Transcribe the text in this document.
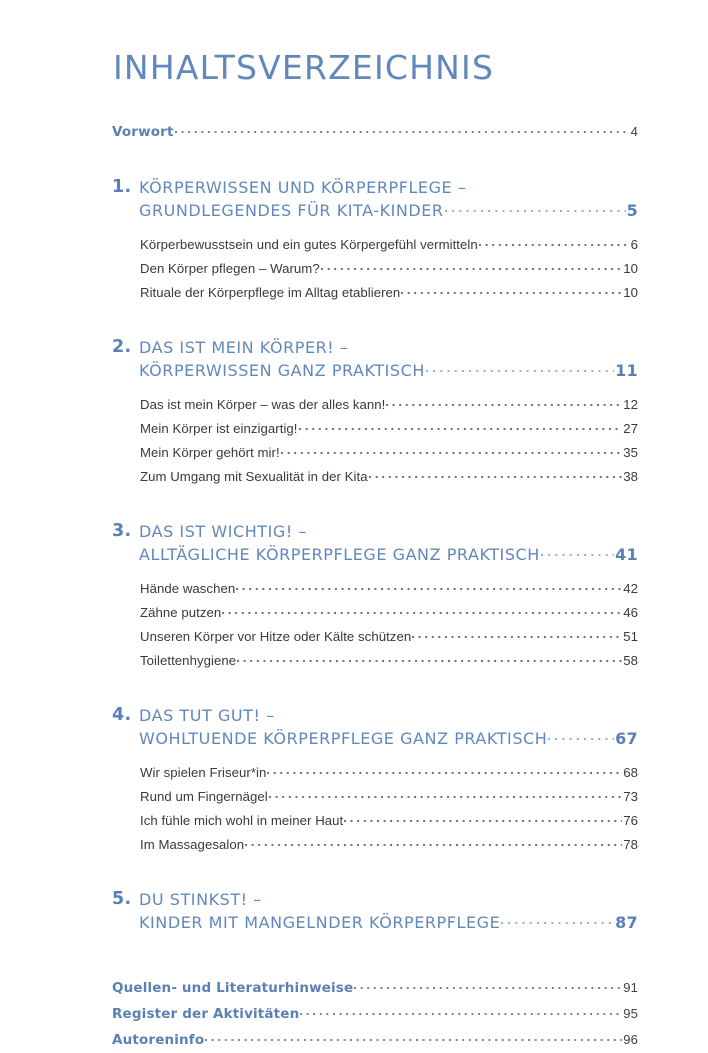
INHALTSVERZEICHNIS
Vorwort	4
1. KÖRPERWISSEN UND KÖRPERPFLEGE –
GRUNDLEGENDES FÜR KITA-KINDER	5
Körperbewusstsein und ein gutes Körpergefühl vermitteln	6
Den Körper pflegen – Warum?	10
Rituale der Körperpflege im Alltag etablieren	10
2. DAS IST MEIN KÖRPER! –
KÖRPERWISSEN GANZ PRAKTISCH	11
Das ist mein Körper – was der alles kann!	12
Mein Körper ist einzigartig!	27
Mein Körper gehört mir!	35
Zum Umgang mit Sexualität in der Kita	38
3. DAS IST WICHTIG! –
ALLTÄGLICHE KÖRPERPFLEGE GANZ PRAKTISCH	41
Hände waschen	42
Zähne putzen	46
Unseren Körper vor Hitze oder Kälte schützen	51
Toilettenhygiene	58
4. DAS TUT GUT! –
WOHLTUENDE KÖRPERPFLEGE GANZ PRAKTISCH	67
Wir spielen Friseur*in	68
Rund um Fingernägel	73
Ich fühle mich wohl in meiner Haut	76
Im Massagesalon	78
5. DU STINKST! –
KINDER MIT MANGELNDER KÖRPERPFLEGE	87
Quellen- und Literaturhinweise	91
Register der Aktivitäten	95
Autoreninfo	96
